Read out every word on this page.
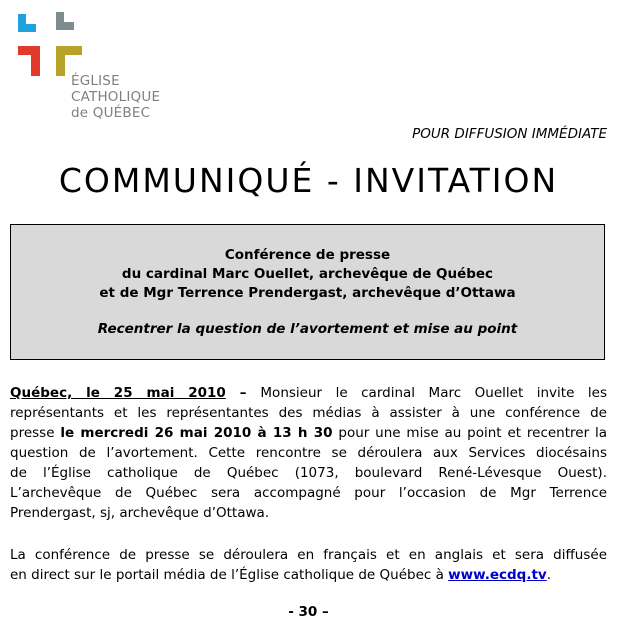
ÉGLISE
CATHOLIQUE
de QUÉBEC
POUR DIFFUSION IMMÉDIATE
COMMUNIQUÉ - INVITATION
Conférence de presse
du cardinal Marc Ouellet, archevêque de Québec
et de Mgr Terrence Prendergast, archevêque d’Ottawa
Recentrer la question de l’avortement et mise au point
Québec, le 25 mai 2010 – Monsieur le cardinal Marc Ouellet invite les
représentants et les représentantes des médias à assister à une conférence de
presse le mercredi 26 mai 2010 à 13 h 30 pour une mise au point et recentrer la
question de l’avortement. Cette rencontre se déroulera aux Services diocésains
de l’Église catholique de Québec (1073, boulevard René-Lévesque Ouest).
L’archevêque de Québec sera accompagné pour l’occasion de Mgr Terrence
Prendergast, sj, archevêque d’Ottawa.
La conférence de presse se déroulera en français et en anglais et sera diffusée
en direct sur le portail média de l’Église catholique de Québec à www.ecdq.tv.
- 30 –
